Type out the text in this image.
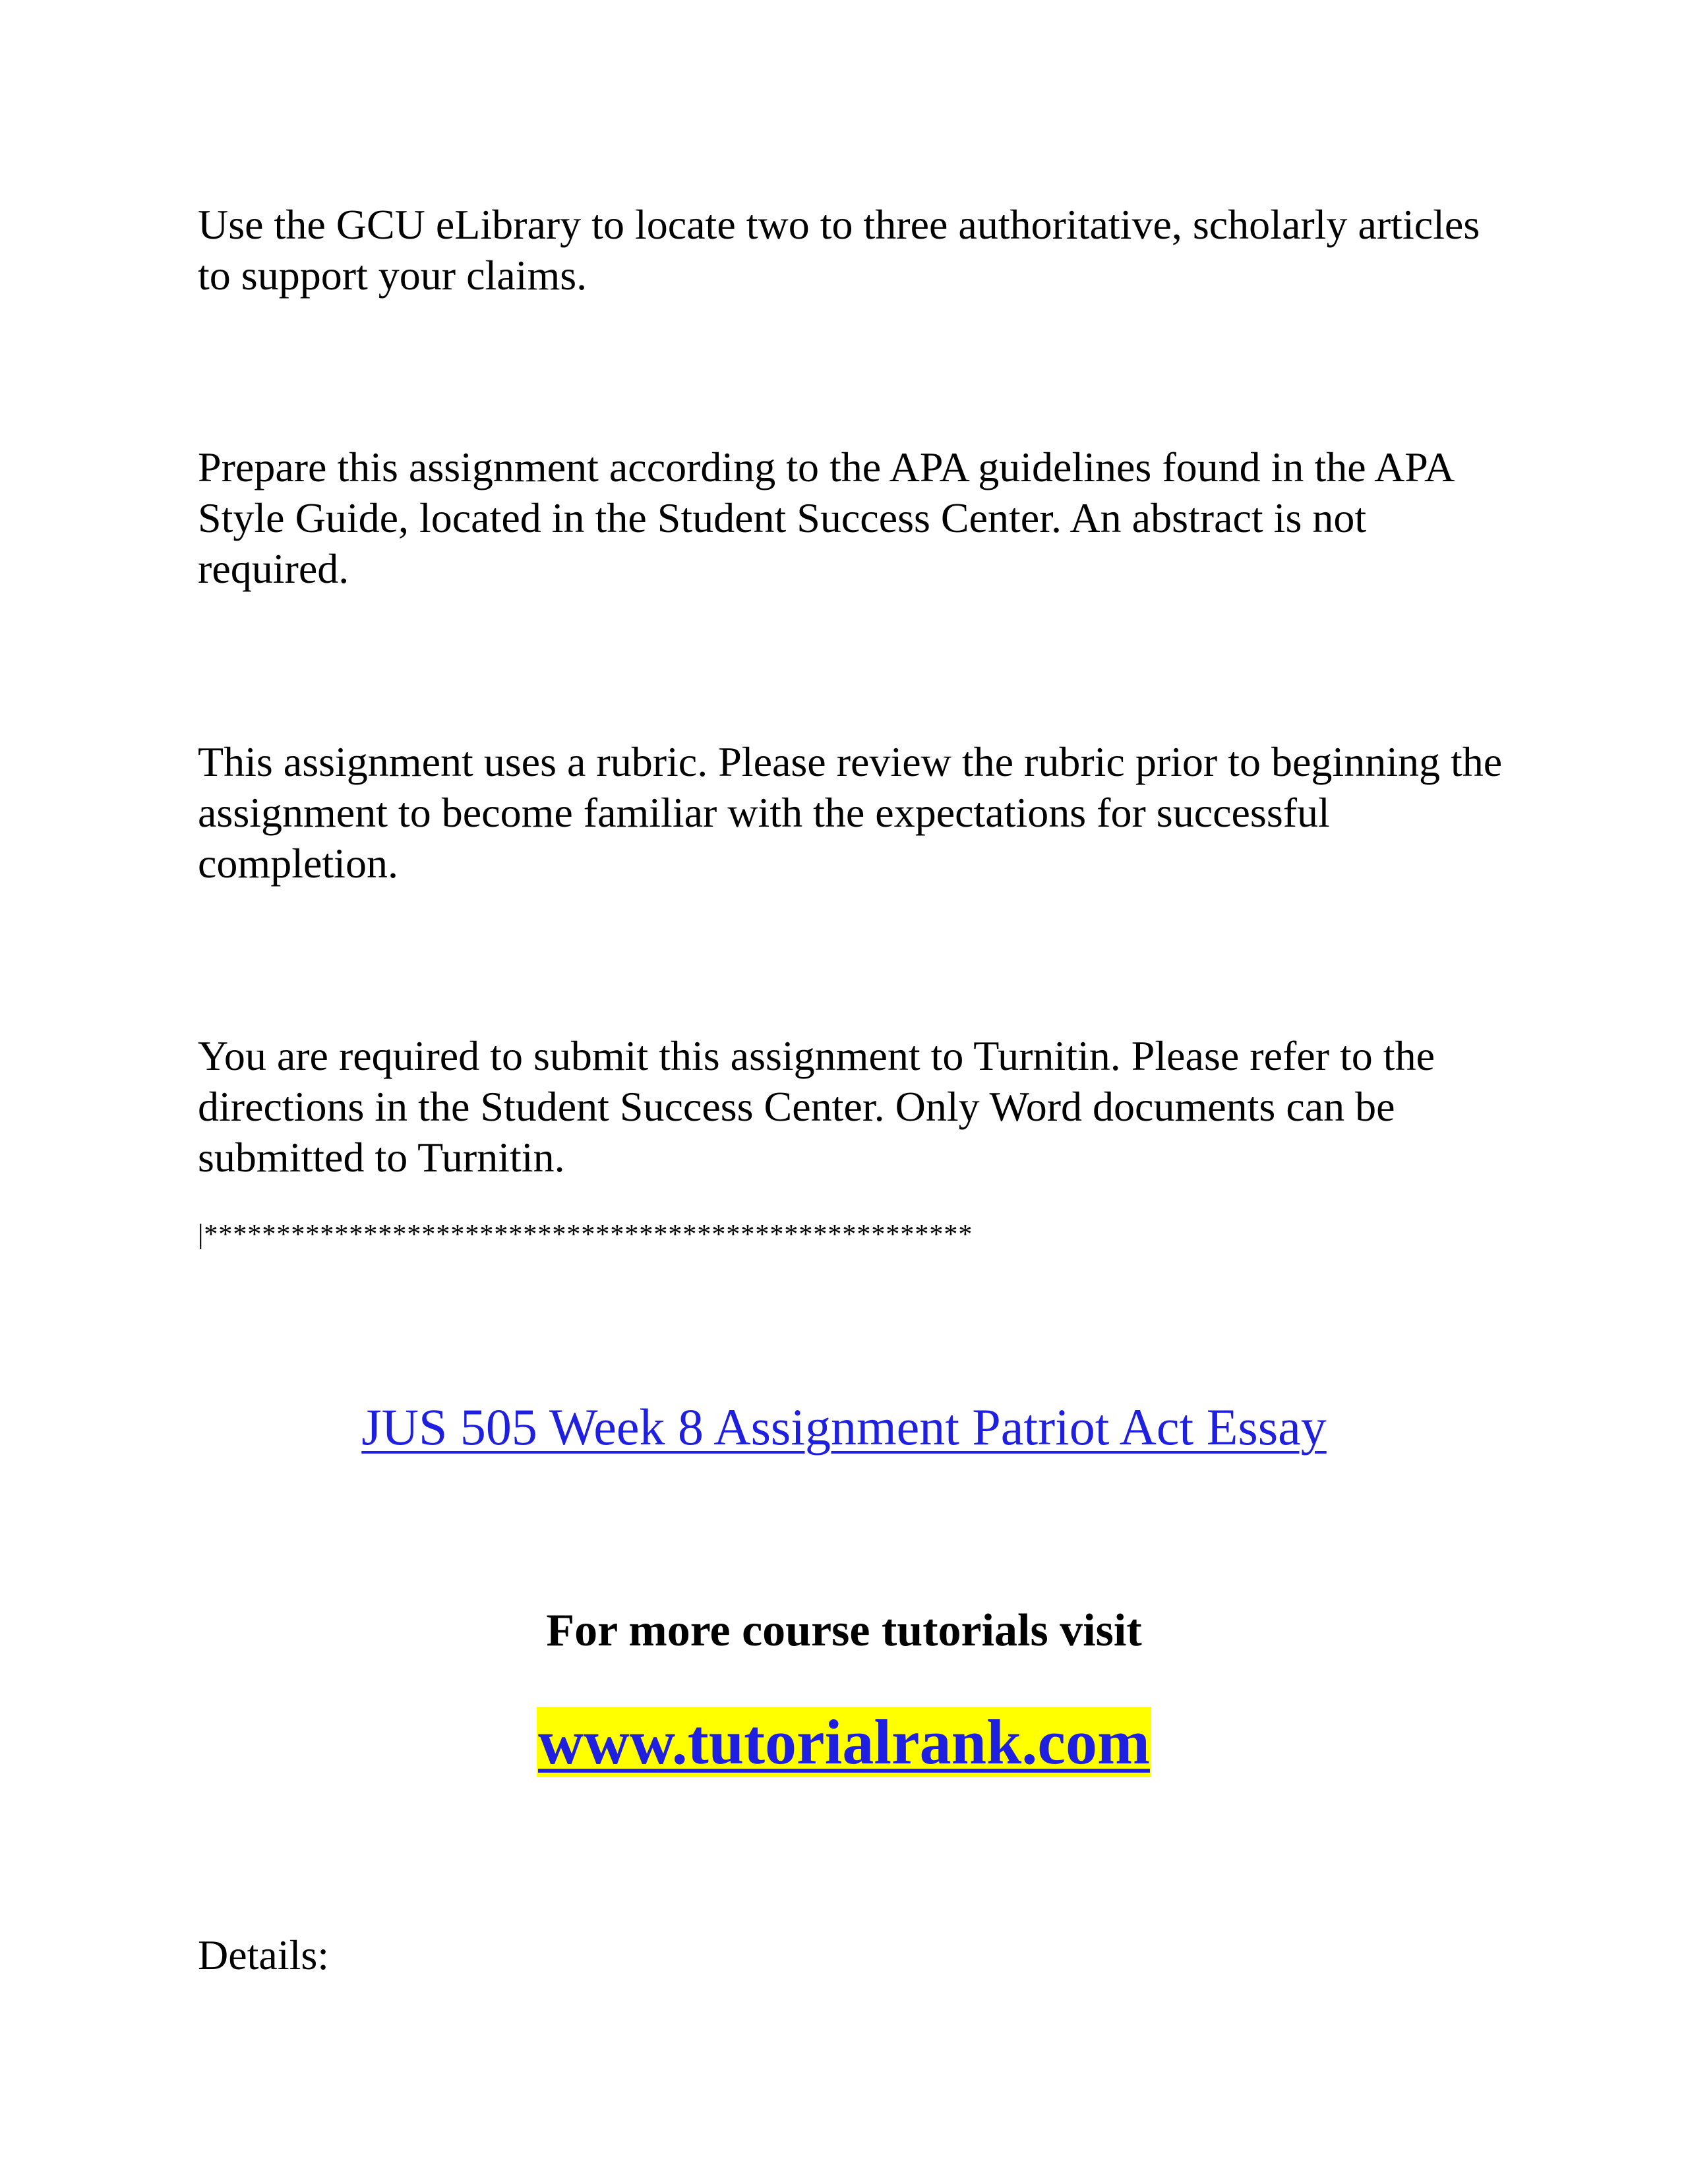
Use the GCU eLibrary to locate two to three authoritative, scholarly articles to support your claims.

Prepare this assignment according to the APA guidelines found in the APA Style Guide, located in the Student Success Center. An abstract is not required.

This assignment uses a rubric. Please review the rubric prior to beginning the assignment to become familiar with the expectations for successful completion.

You are required to submit this assignment to Turnitin. Please refer to the directions in the Student Success Center. Only Word documents can be submitted to Turnitin.

|*****************************************************

JUS 505 Week 8 Assignment Patriot Act Essay

For more course tutorials visit

www.tutorialrank.com

Details:
